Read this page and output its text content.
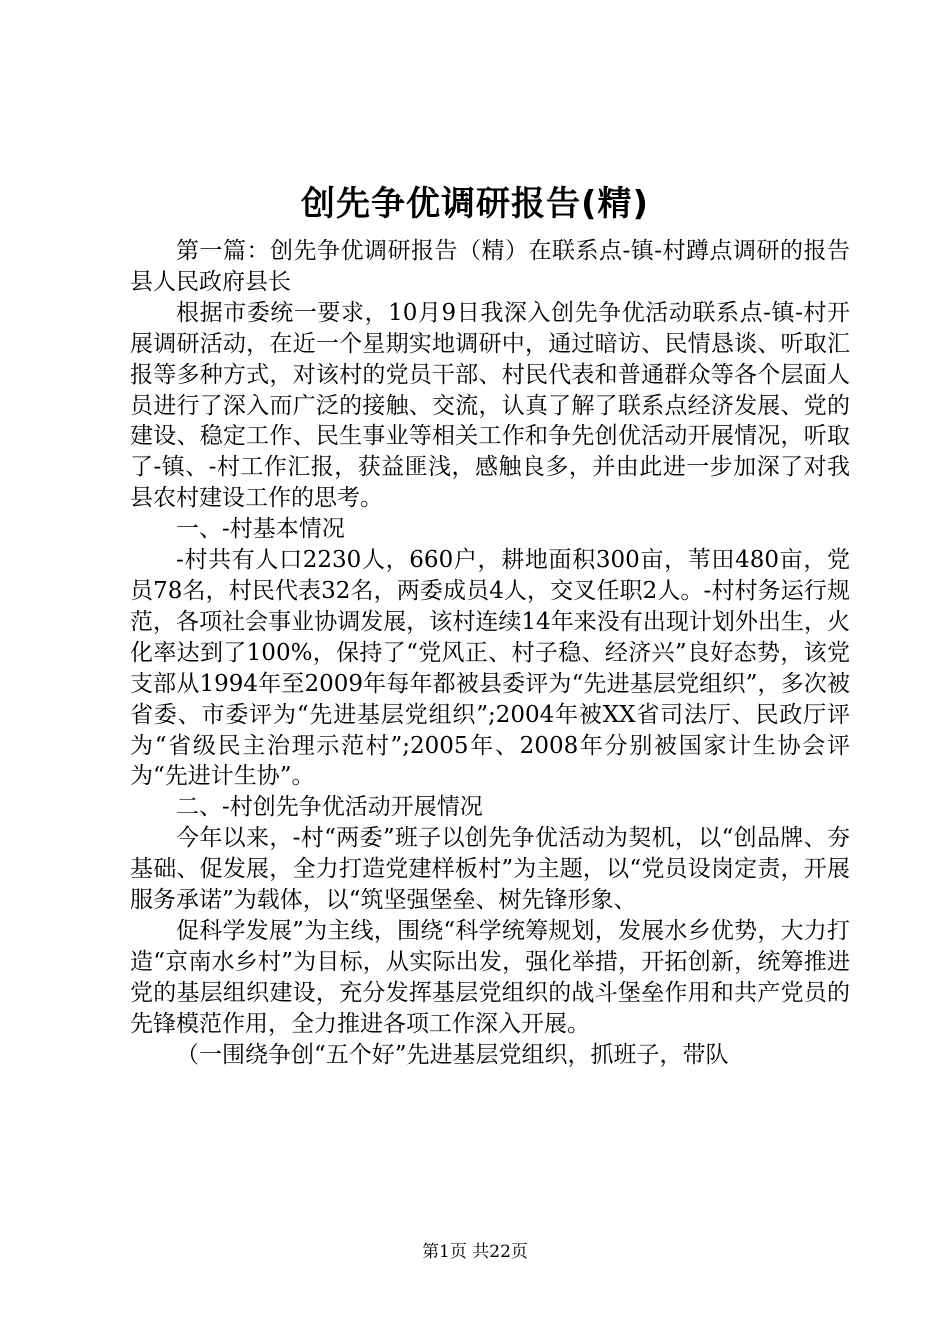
创先争优调研报告(精)

第一篇：创先争优调研报告（精）在联系点-镇-村蹲点调研的报告县人民政府县长

根据市委统一要求，10月9日我深入创先争优活动联系点-镇-村开展调研活动，在近一个星期实地调研中，通过暗访、民情恳谈、听取汇报等多种方式，对该村的党员干部、村民代表和普通群众等各个层面人员进行了深入而广泛的接触、交流，认真了解了联系点经济发展、党的建设、稳定工作、民生事业等相关工作和争先创优活动开展情况，听取了-镇、-村工作汇报，获益匪浅，感触良多，并由此进一步加深了对我县农村建设工作的思考。

一、-村基本情况

-村共有人口2230人，660户，耕地面积300亩，苇田480亩，党员78名，村民代表32名，两委成员4人，交叉任职2人。-村村务运行规范，各项社会事业协调发展，该村连续14年来没有出现计划外出生，火化率达到了100%，保持了“党风正、村子稳、经济兴”良好态势，该党支部从1994年至2009年每年都被县委评为“先进基层党组织”，多次被省委、市委评为“先进基层党组织”;2004年被XX省司法厅、民政厅评为“省级民主治理示范村”;2005年、2008年分别被国家计生协会评为“先进计生协”。

二、-村创先争优活动开展情况

今年以来，-村“两委”班子以创先争优活动为契机，以“创品牌、夯基础、促发展，全力打造党建样板村”为主题，以“党员设岗定责，开展服务承诺”为载体，以“筑坚强堡垒、树先锋形象、

促科学发展”为主线，围绕“科学统筹规划，发展水乡优势，大力打造“京南水乡村”为目标，从实际出发，强化举措，开拓创新，统筹推进党的基层组织建设，充分发挥基层党组织的战斗堡垒作用和共产党员的先锋模范作用，全力推进各项工作深入开展。

（一围绕争创“五个好”先进基层党组织，抓班子，带队

第1页 共22页
